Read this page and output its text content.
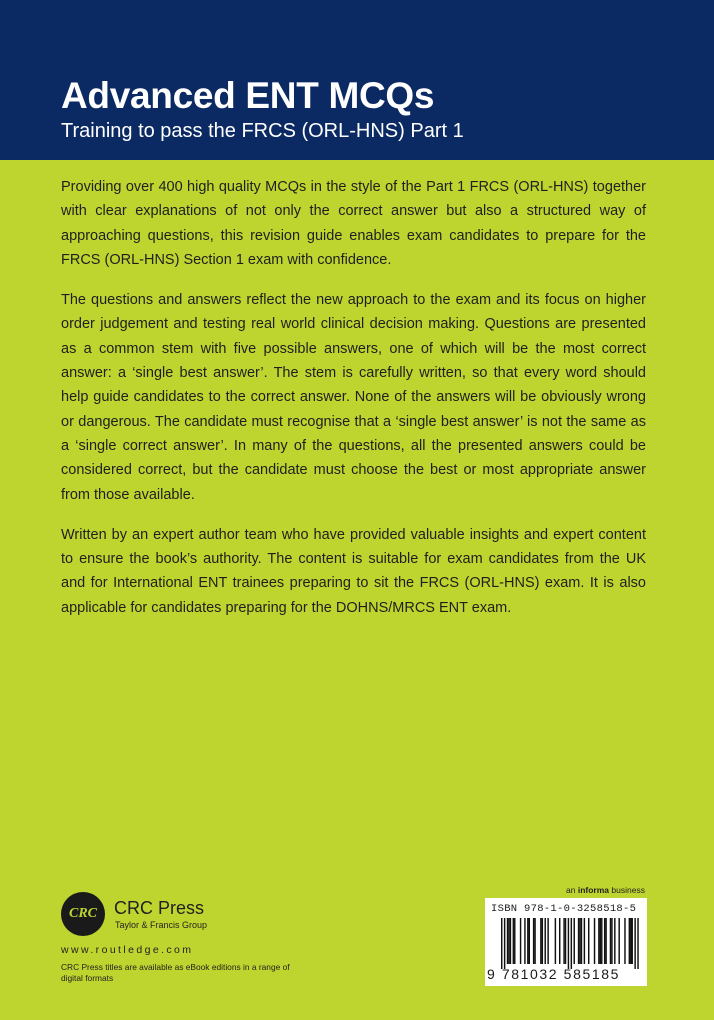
Advanced ENT MCQs

Training to pass the FRCS (ORL-HNS) Part 1

Providing over 400 high quality MCQs in the style of the Part 1 FRCS (ORL-HNS) together with clear explanations of not only the correct answer but also a structured way of approaching questions, this revision guide enables exam candidates to prepare for the FRCS (ORL-HNS) Section 1 exam with confidence.

The questions and answers reflect the new approach to the exam and its focus on higher order judgement and testing real world clinical decision making. Questions are presented as a common stem with five possible answers, one of which will be the most correct answer: a ‘single best answer’. The stem is carefully written, so that every word should help guide candidates to the correct answer. None of the answers will be obviously wrong or dangerous. The candidate must recognise that a ‘single best answer’ is not the same as a ‘single correct answer’. In many of the questions, all the presented answers could be considered correct, but the candidate must choose the best or most appropriate answer from those available.

Written by an expert author team who have provided valuable insights and expert content to ensure the book’s authority. The content is suitable for exam candidates from the UK and for International ENT trainees preparing to sit the FRCS (ORL-HNS) exam. It is also applicable for candidates preparing for the DOHNS/MRCS ENT exam.

CRC CRC Press

Taylor & Francis Group

www.routledge.com

CRC Press titles are available as eBook editions in a range of digital formats

an informa business

ISBN 978-1-0-3258518-5

9 781032 585185
